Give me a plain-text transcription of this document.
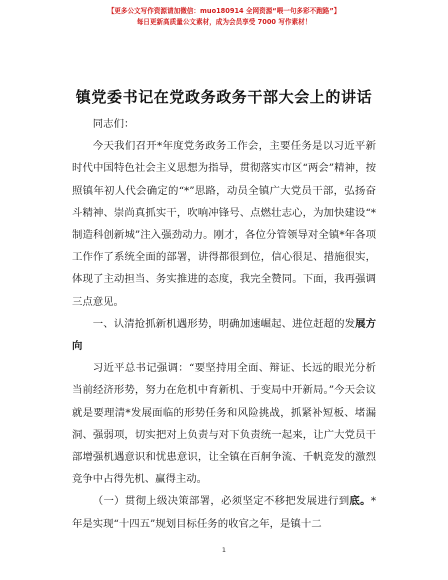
【更多公文写作资源请加微信：muo180914 全网资源“喂一句多彩不跑路”】
每日更新高质量公文素材，成为会员享受 7000 写作素材！
镇党委书记在党政务政务干部大会上的讲话

同志们：

今天我们召开*年度党务政务工作会，主要任务是以习近平新时代中国特色社会主义思想为指导，贯彻落实市区“两会”精神，按照镇年初人代会确定的“*”思路，动员全镇广大党员干部，弘扬奋斗精神、崇尚真抓实干，吹响冲锋号、点燃壮志心，为加快建设“*制造科创新城”注入强劲动力。刚才，各位分管领导对全镇*年各项工作作了系统全面的部署，讲得都很到位，信心很足、措施很实，体现了主动担当、务实推进的态度，我完全赞同。下面，我再强调三点意见。

一、认清抢抓新机遇形势，明确加速崛起、进位赶超的发展方向

习近平总书记强调：“要坚持用全面、辩证、长远的眼光分析当前经济形势，努力在危机中育新机、于变局中开新局。”今天会议就是要理清*发展面临的形势任务和风险挑战，抓紧补短板、堵漏洞、强弱项，切实把对上负责与对下负责统一起来，让广大党员干部增强机遇意识和忧患意识，让全镇在百舸争流、千帆竞发的激烈竞争中占得先机、赢得主动。

（一）贯彻上级决策部署，必须坚定不移把发展进行到底。*年是实现“十四五”规划目标任务的收官之年，是镇十二

1
